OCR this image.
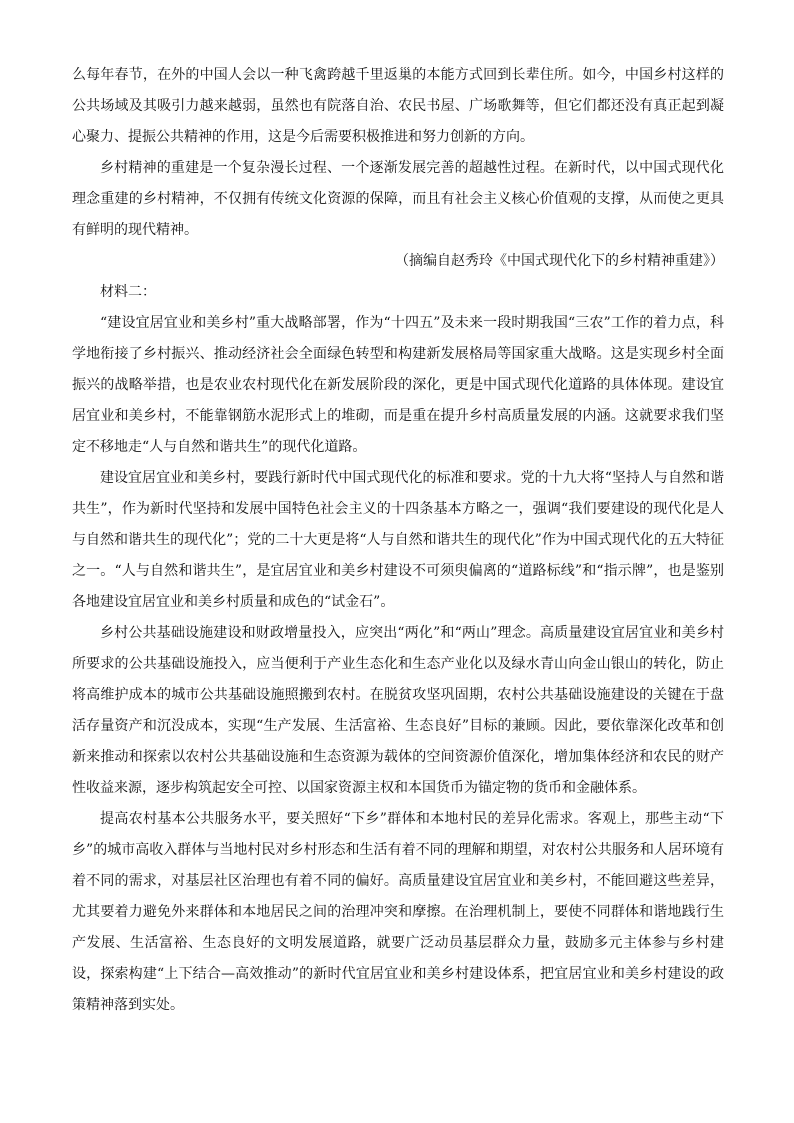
么每年春节，在外的中国人会以一种飞禽跨越千里返巢的本能方式回到长辈住所。如今，中国乡村这样的公共场域及其吸引力越来越弱，虽然也有院落自治、农民书屋、广场歌舞等，但它们都还没有真正起到凝心聚力、提振公共精神的作用，这是今后需要积极推进和努力创新的方向。

乡村精神的重建是一个复杂漫长过程、一个逐渐发展完善的超越性过程。在新时代，以中国式现代化理念重建的乡村精神，不仅拥有传统文化资源的保障，而且有社会主义核心价值观的支撑，从而使之更具有鲜明的现代精神。

（摘编自赵秀玲《中国式现代化下的乡村精神重建》）

材料二：

“建设宜居宜业和美乡村”重大战略部署，作为“十四五”及未来一段时期我国“三农”工作的着力点，科学地衔接了乡村振兴、推动经济社会全面绿色转型和构建新发展格局等国家重大战略。这是实现乡村全面振兴的战略举措，也是农业农村现代化在新发展阶段的深化，更是中国式现代化道路的具体体现。建设宜居宜业和美乡村，不能靠钢筋水泥形式上的堆砌，而是重在提升乡村高质量发展的内涵。这就要求我们坚定不移地走“人与自然和谐共生”的现代化道路。

建设宜居宜业和美乡村，要践行新时代中国式现代化的标准和要求。党的十九大将“坚持人与自然和谐共生”，作为新时代坚持和发展中国特色社会主义的十四条基本方略之一，强调“我们要建设的现代化是人与自然和谐共生的现代化”；党的二十大更是将“人与自然和谐共生的现代化”作为中国式现代化的五大特征之一。“人与自然和谐共生”，是宜居宜业和美乡村建设不可须臾偏离的“道路标线”和“指示牌”，也是鉴别各地建设宜居宜业和美乡村质量和成色的“试金石”。

乡村公共基础设施建设和财政增量投入，应突出“两化”和“两山”理念。高质量建设宜居宜业和美乡村所要求的公共基础设施投入，应当便利于产业生态化和生态产业化以及绿水青山向金山银山的转化，防止将高维护成本的城市公共基础设施照搬到农村。在脱贫攻坚巩固期，农村公共基础设施建设的关键在于盘活存量资产和沉没成本，实现“生产发展、生活富裕、生态良好”目标的兼顾。因此，要依靠深化改革和创新来推动和探索以农村公共基础设施和生态资源为载体的空间资源价值深化，增加集体经济和农民的财产性收益来源，逐步构筑起安全可控、以国家资源主权和本国货币为锚定物的货币和金融体系。

提高农村基本公共服务水平，要关照好“下乡”群体和本地村民的差异化需求。客观上，那些主动“下乡”的城市高收入群体与当地村民对乡村形态和生活有着不同的理解和期望，对农村公共服务和人居环境有着不同的需求，对基层社区治理也有着不同的偏好。高质量建设宜居宜业和美乡村，不能回避这些差异，尤其要着力避免外来群体和本地居民之间的治理冲突和摩擦。在治理机制上，要使不同群体和谐地践行生产发展、生活富裕、生态良好的文明发展道路，就要广泛动员基层群众力量，鼓励多元主体参与乡村建设，探索构建“上下结合—高效推动”的新时代宜居宜业和美乡村建设体系，把宜居宜业和美乡村建设的政策精神落到实处。
